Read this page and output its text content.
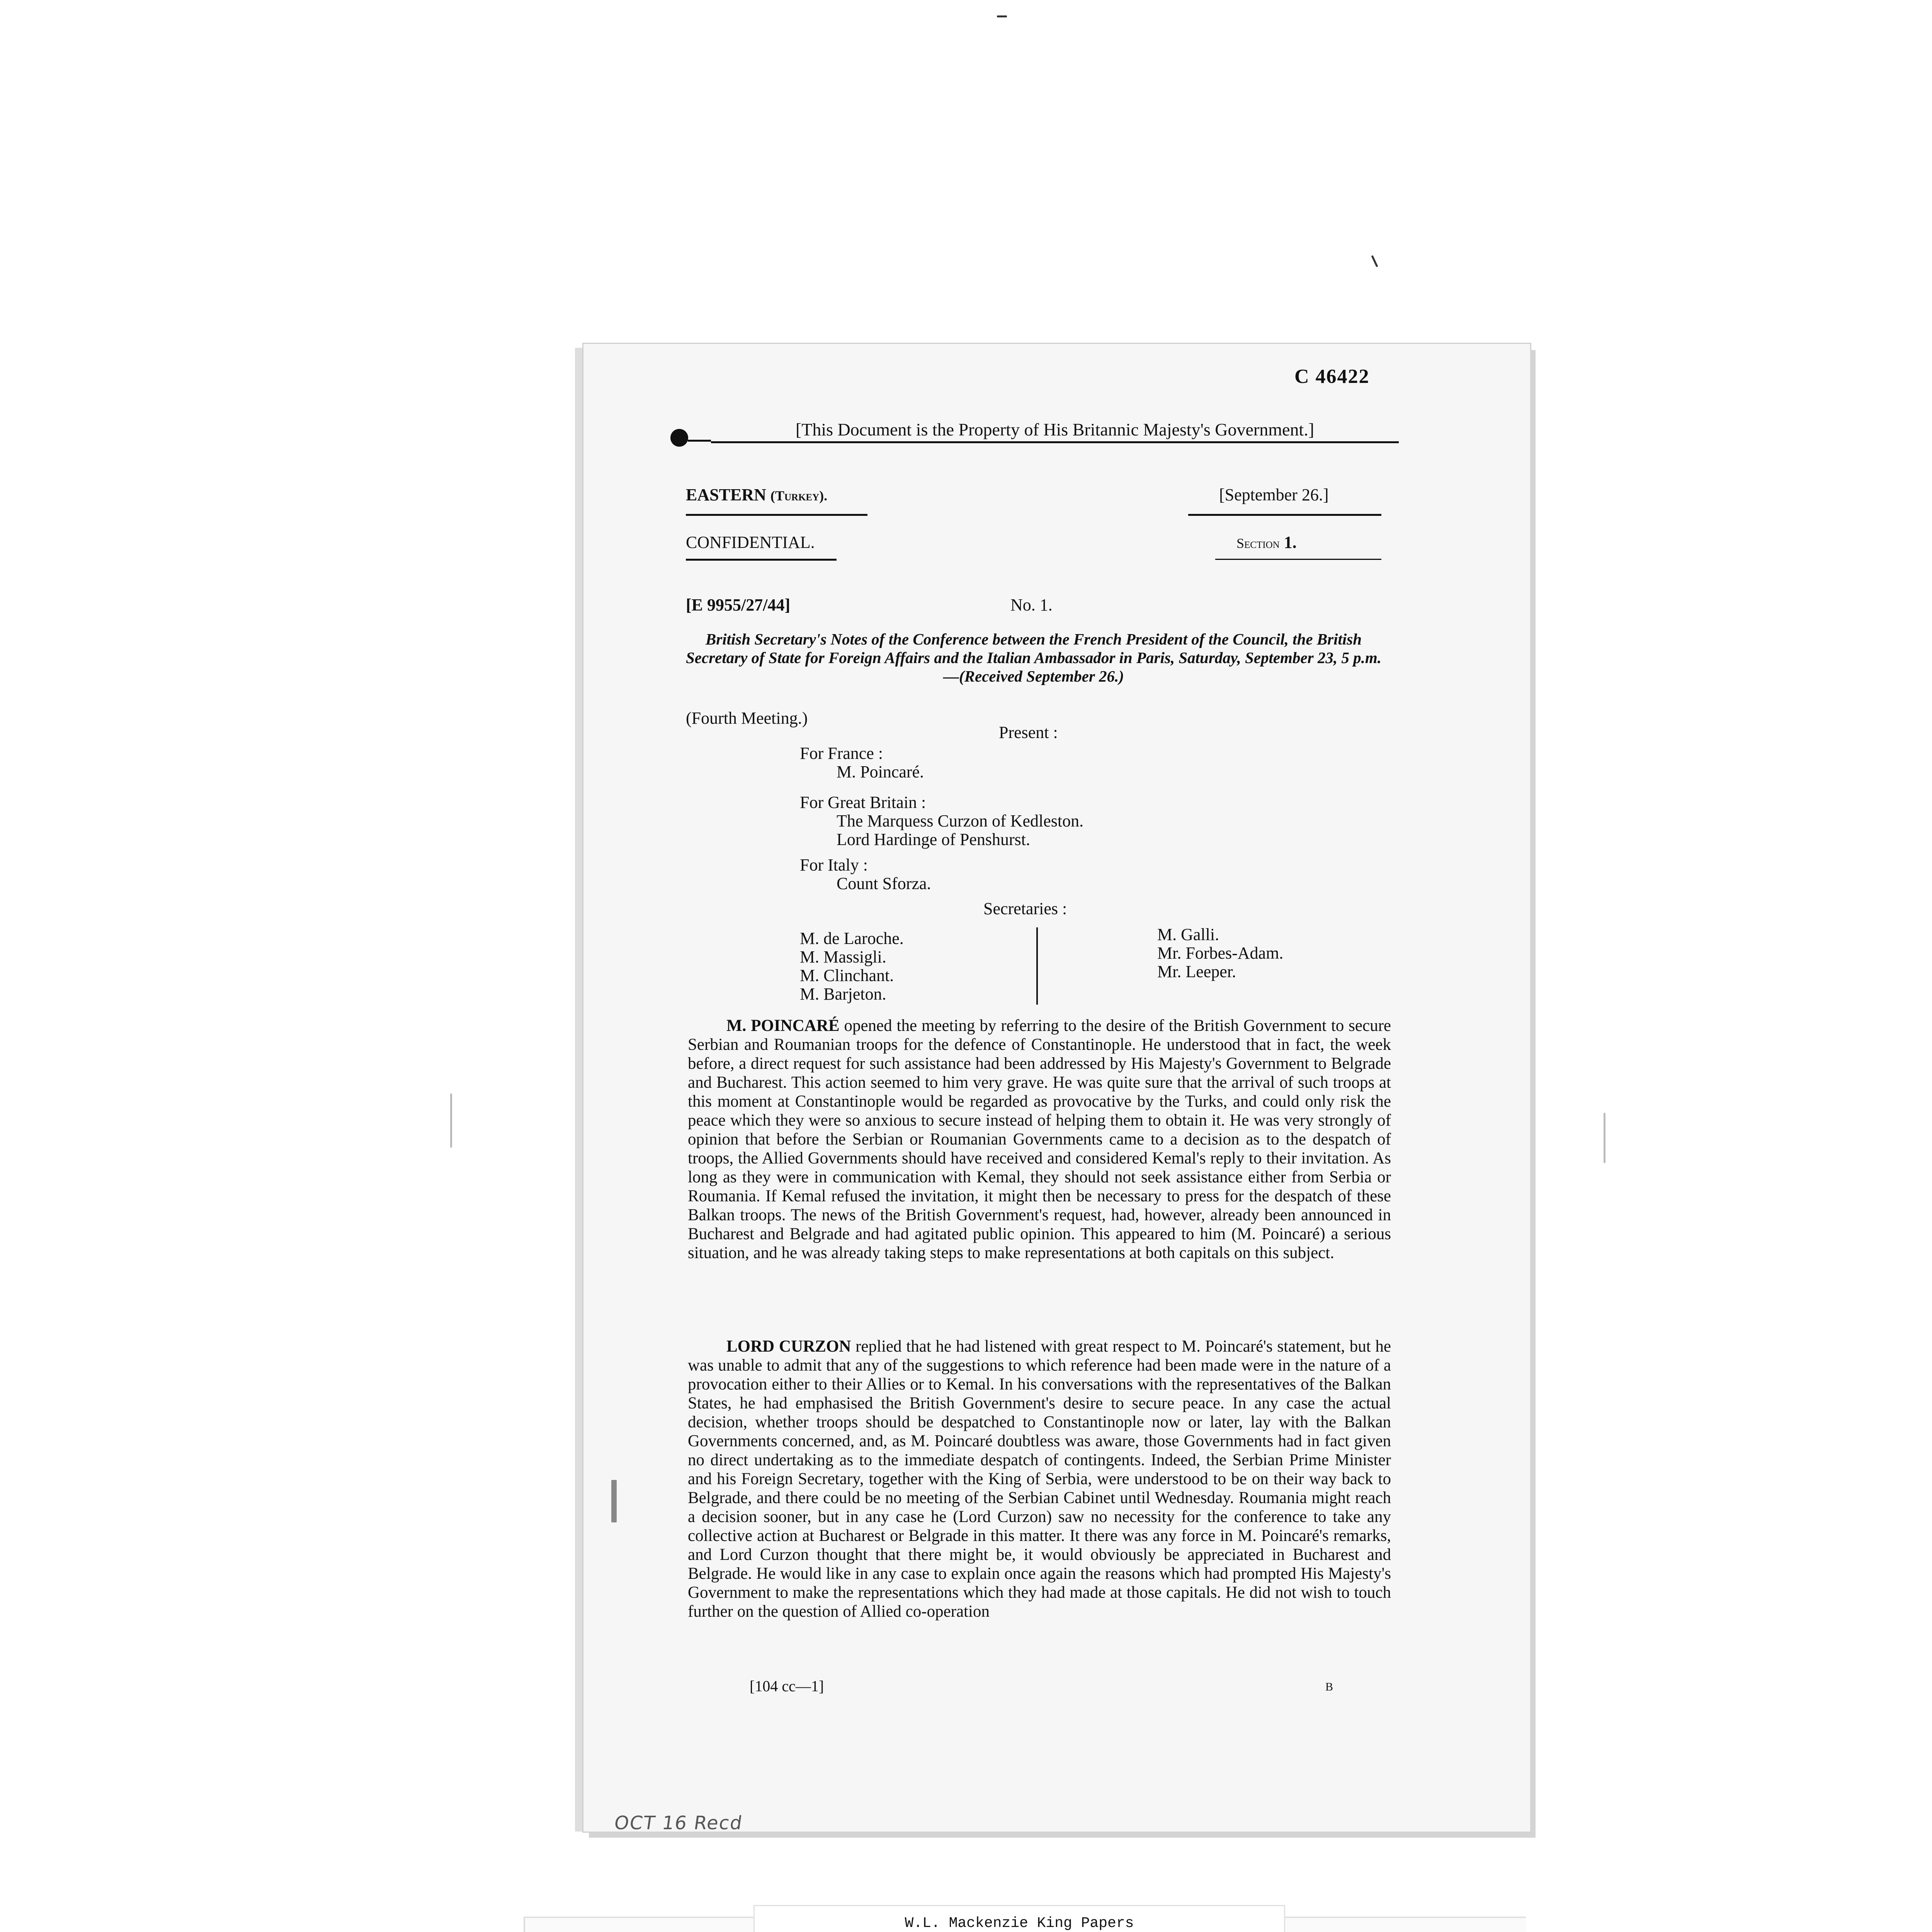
C 46422
[This Document is the Property of His Britannic Majesty's Government.]
EASTERN (Turkey).	[September 26.]
CONFIDENTIAL.	Section 1.
[E 9955/27/44]	No. 1.
British Secretary's Notes of the Conference between the French President of the Council, the British Secretary of State for Foreign Affairs and the Italian Ambassador in Paris, Saturday, September 23, 5 p.m.—(Received September 26.)
(Fourth Meeting.)
Present :
For France :
M. Poincaré.
For Great Britain :
The Marquess Curzon of Kedleston.
Lord Hardinge of Penshurst.
For Italy :
Count Sforza.
Secretaries :
M. de Laroche.
M. Massigli.
M. Clinchant.
M. Barjeton.
M. Galli.
Mr. Forbes-Adam.
Mr. Leeper.
M. POINCARÉ opened the meeting by referring to the desire of the British Government to secure Serbian and Roumanian troops for the defence of Constantinople. He understood that in fact, the week before, a direct request for such assistance had been addressed by His Majesty's Government to Belgrade and Bucharest. This action seemed to him very grave. He was quite sure that the arrival of such troops at this moment at Constantinople would be regarded as provocative by the Turks, and could only risk the peace which they were so anxious to secure instead of helping them to obtain it. He was very strongly of opinion that before the Serbian or Roumanian Governments came to a decision as to the despatch of troops, the Allied Governments should have received and considered Kemal's reply to their invitation. As long as they were in communication with Kemal, they should not seek assistance either from Serbia or Roumania. If Kemal refused the invitation, it might then be necessary to press for the despatch of these Balkan troops. The news of the British Government's request, had, however, already been announced in Bucharest and Belgrade and had agitated public opinion. This appeared to him (M. Poincaré) a serious situation, and he was already taking steps to make representations at both capitals on this subject.
LORD CURZON replied that he had listened with great respect to M. Poincaré's statement, but he was unable to admit that any of the suggestions to which reference had been made were in the nature of a provocation either to their Allies or to Kemal. In his conversations with the representatives of the Balkan States, he had emphasised the British Government's desire to secure peace. In any case the actual decision, whether troops should be despatched to Constantinople now or later, lay with the Balkan Governments concerned, and, as M. Poincaré doubtless was aware, those Governments had in fact given no direct undertaking as to the immediate despatch of contingents. Indeed, the Serbian Prime Minister and his Foreign Secretary, together with the King of Serbia, were understood to be on their way back to Belgrade, and there could be no meeting of the Serbian Cabinet until Wednesday. Roumania might reach a decision sooner, but in any case he (Lord Curzon) saw no necessity for the conference to take any collective action at Bucharest or Belgrade in this matter. It there was any force in M. Poincaré's remarks, and Lord Curzon thought that there might be, it would obviously be appreciated in Bucharest and Belgrade. He would like in any case to explain once again the reasons which had prompted His Majesty's Government to make the representations which they had made at those capitals. He did not wish to touch further on the question of Allied co-operation
[104 cc—1]	B
OCT 16 Recd
W.L. Mackenzie King Papers
